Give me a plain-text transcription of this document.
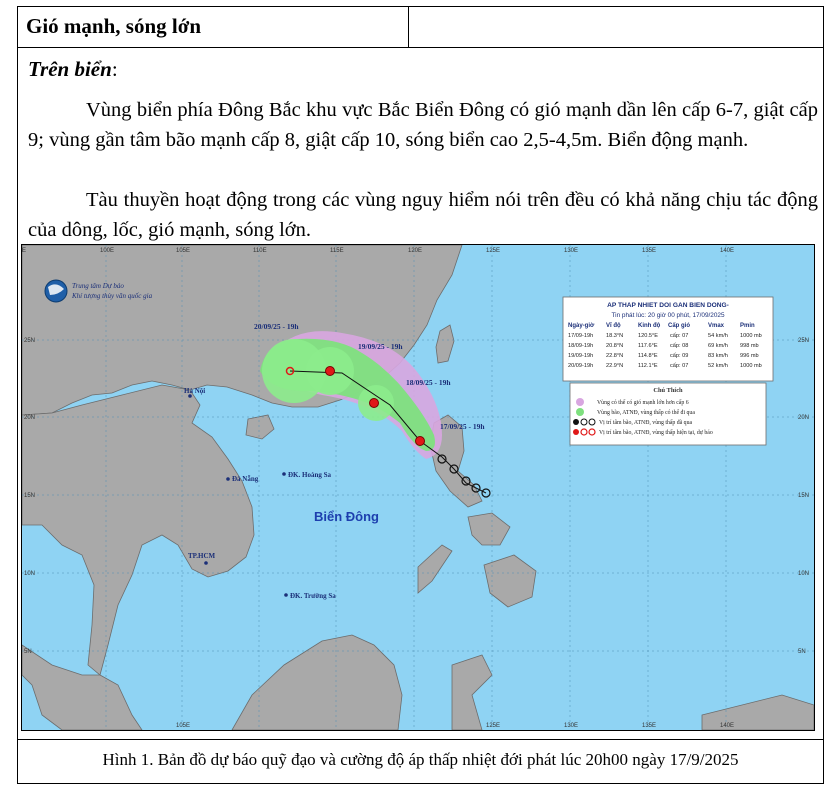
Gió mạnh, sóng lớn
Trên biển:
Vùng biển phía Đông Bắc khu vực Bắc Biển Đông có gió mạnh dần lên cấp 6-7, giật cấp 9; vùng gần tâm bão mạnh cấp 8, giật cấp 10, sóng biển cao 2,5-4,5m. Biển động mạnh.
Tàu thuyền hoạt động trong các vùng nguy hiểm nói trên đều có khả năng chịu tác động của dông, lốc, gió mạnh, sóng lớn.
Hình 1. Bản đồ dự báo quỹ đạo và cường độ áp thấp nhiệt đới phát lúc 20h00 ngày 17/9/2025
E	100E	105E	110E	115E	120E	125E	130E	135E	140E
105E	125E	130E	135E	140E
25N
20N
15N
10N
5N
25N
20N
15N
10N
5N
Trung tâm Dự báo
Khí tượng thủy văn quốc gia
20/09/25 - 19h
19/09/25 - 19h
18/09/25 - 19h
17/09/25 - 19h
Hà Nội
Đà Nẵng	ĐK. Hoàng Sa
TP.HCM
ĐK. Trường Sa
Biển Đông
AP THAP NHIET DOI GAN BIEN DONG-
Tin phát lúc: 20 giờ 00 phút, 17/09/2025
Ngày-giờ Vĩ độ	Kinh độ Cấp gió	Vmax	Pmin
17/09-19h 18.3°N	120.5°E cấp: 07	54 km/h 1000 mb
18/09-19h 20.8°N	117.6°E cấp: 08	69 km/h 998 mb
19/09-19h 22.8°N	114.8°E cấp: 09	83 km/h 996 mb
20/09-19h 22.9°N	112.1°E cấp: 07	52 km/h 1000 mb
Chú Thích
Vùng có thể có gió mạnh lớn hơn cấp 6
Vùng bão, ATNĐ, vùng thấp có thể đi qua
Vị trí tâm bão, ATNĐ, vùng thấp đã qua
Vị trí tâm bão, ATNĐ, vùng thấp hiện tại, dự báo
